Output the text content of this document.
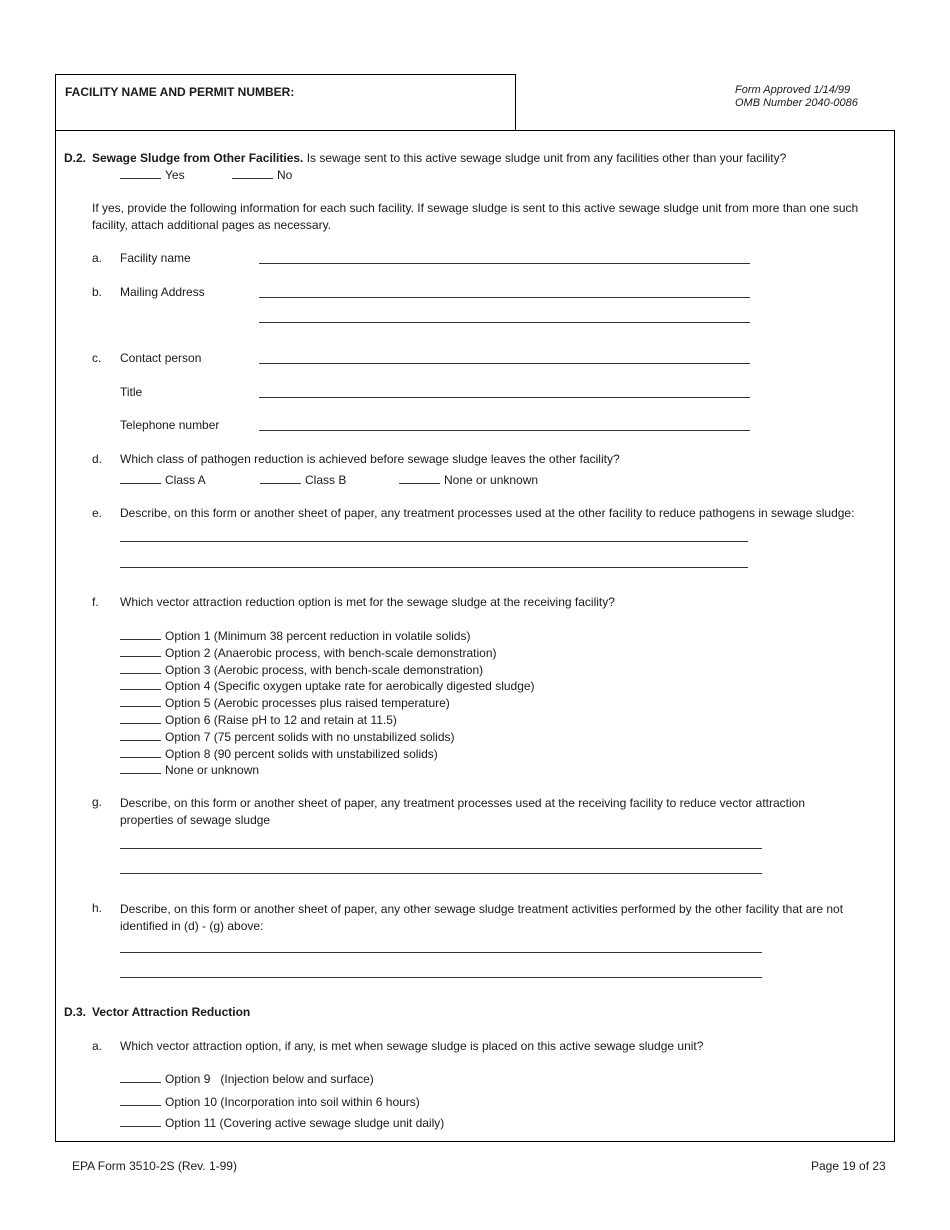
FACILITY NAME AND PERMIT NUMBER:	Form Approved 1/14/99
OMB Number 2040-0086
D.2. Sewage Sludge from Other Facilities. Is sewage sent to this active sewage sludge unit from any facilities other than your facility?
Yes	No
If yes, provide the following information for each such facility. If sewage sludge is sent to this active sewage sludge unit from more than one such facility, attach additional pages as necessary.
a. Facility name
b. Mailing Address
c. Contact person
Title
Telephone number
d. Which class of pathogen reduction is achieved before sewage sludge leaves the other facility?
Class A	Class B	None or unknown
e. Describe, on this form or another sheet of paper, any treatment processes used at the other facility to reduce pathogens in sewage sludge:
f. Which vector attraction reduction option is met for the sewage sludge at the receiving facility?
Option 1 (Minimum 38 percent reduction in volatile solids)
Option 2 (Anaerobic process, with bench-scale demonstration)
Option 3 (Aerobic process, with bench-scale demonstration)
Option 4 (Specific oxygen uptake rate for aerobically digested sludge)
Option 5 (Aerobic processes plus raised temperature)
Option 6 (Raise pH to 12 and retain at 11.5)
Option 7 (75 percent solids with no unstabilized solids)
Option 8 (90 percent solids with unstabilized solids)
None or unknown
g. Describe, on this form or another sheet of paper, any treatment processes used at the receiving facility to reduce vector attraction properties of sewage sludge
h. Describe, on this form or another sheet of paper, any other sewage sludge treatment activities performed by the other facility that are not identified in (d) - (g) above:
D.3. Vector Attraction Reduction
a. Which vector attraction option, if any, is met when sewage sludge is placed on this active sewage sludge unit?
Option 9   (Injection below and surface)
Option 10 (Incorporation into soil within 6 hours)
Option 11 (Covering active sewage sludge unit daily)
EPA Form 3510-2S (Rev. 1-99)	Page 19 of 23
